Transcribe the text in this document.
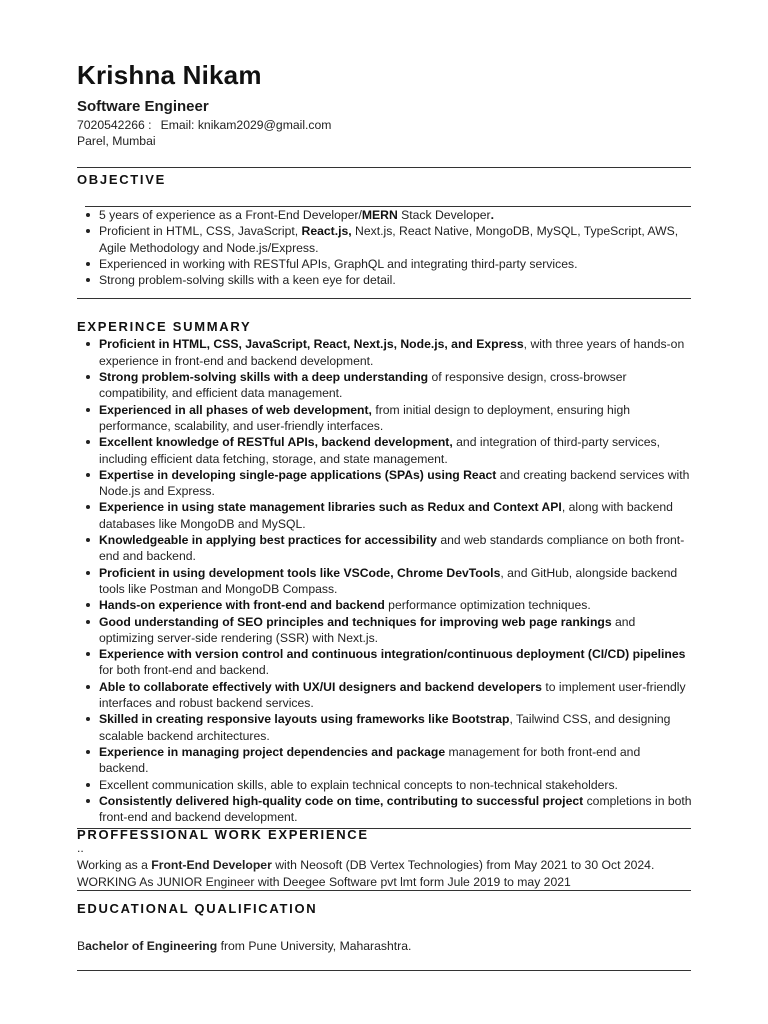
Krishna Nikam
Software Engineer

7020542266 : Email: knikam2029@gmail.com

Parel, Mumbai

OBJECTIVE
5 years of experience as a Front-End Developer/MERN Stack Developer.
Proficient in HTML, CSS, JavaScript, React.js, Next.js, React Native, MongoDB, MySQL, TypeScript, AWS, Agile Methodology and Node.js/Express.
Experienced in working with RESTful APIs, GraphQL and integrating third-party services.
Strong problem-solving skills with a keen eye for detail.
EXPERINCE SUMMARY
Proficient in HTML, CSS, JavaScript, React, Next.js, Node.js, and Express, with three years of hands-on experience in front-end and backend development.
Strong problem-solving skills with a deep understanding of responsive design, cross-browser compatibility, and efficient data management.
Experienced in all phases of web development, from initial design to deployment, ensuring high performance, scalability, and user-friendly interfaces.
Excellent knowledge of RESTful APIs, backend development, and integration of third-party services, including efficient data fetching, storage, and state management.
Expertise in developing single-page applications (SPAs) using React and creating backend services with Node.js and Express.
Experience in using state management libraries such as Redux and Context API, along with backend databases like MongoDB and MySQL.
Knowledgeable in applying best practices for accessibility and web standards compliance on both front-end and backend.
Proficient in using development tools like VSCode, Chrome DevTools, and GitHub, alongside backend tools like Postman and MongoDB Compass.
Hands-on experience with front-end and backend performance optimization techniques.
Good understanding of SEO principles and techniques for improving web page rankings and optimizing server-side rendering (SSR) with Next.js.
Experience with version control and continuous integration/continuous deployment (CI/CD) pipelines for both front-end and backend.
Able to collaborate effectively with UX/UI designers and backend developers to implement user-friendly interfaces and robust backend services.
Skilled in creating responsive layouts using frameworks like Bootstrap, Tailwind CSS, and designing scalable backend architectures.
Experience in managing project dependencies and package management for both front-end and backend.
Excellent communication skills, able to explain technical concepts to non-technical stakeholders.
Consistently delivered high-quality code on time, contributing to successful project completions in both front-end and backend development.
PROFFESSIONAL WORK EXPERIENCE

..

Working as a Front-End Developer with Neosoft (DB Vertex Technologies) from May 2021 to 30 Oct 2024.

WORKING As JUNIOR Engineer with Deegee Software pvt lmt form Jule 2019 to may 2021

EDUCATIONAL QUALIFICATION

Bachelor of Engineering from Pune University, Maharashtra.
